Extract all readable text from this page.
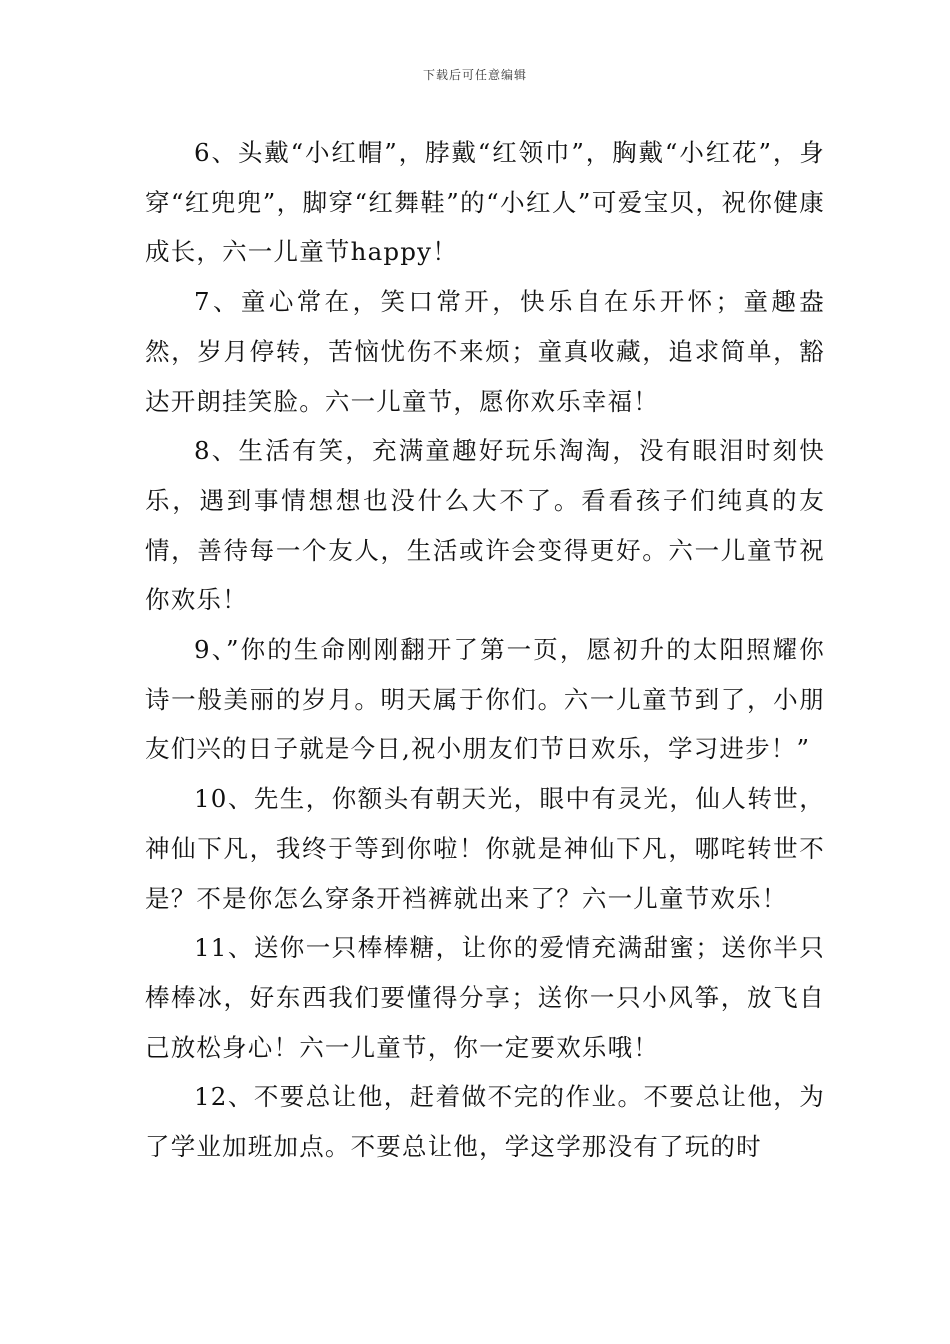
下载后可任意编辑

6、头戴“小红帽”，脖戴“红领巾”，胸戴“小红花”，身穿“红兜兜”，脚穿“红舞鞋”的“小红人”可爱宝贝，祝你健康成长，六一儿童节happy！

7、童心常在，笑口常开，快乐自在乐开怀；童趣盎然，岁月停转，苦恼忧伤不来烦；童真收藏，追求简单，豁达开朗挂笑脸。六一儿童节，愿你欢乐幸福！

8、生活有笑，充满童趣好玩乐淘淘，没有眼泪时刻快乐，遇到事情想想也没什么大不了。看看孩子们纯真的友情，善待每一个友人，生活或许会变得更好。六一儿童节祝你欢乐！

9、”你的生命刚刚翻开了第一页，愿初升的太阳照耀你诗一般美丽的岁月。明天属于你们。六一儿童节到了，小朋友们兴的日子就是今日,祝小朋友们节日欢乐，学习进步！”

10、先生，你额头有朝天光，眼中有灵光，仙人转世，神仙下凡，我终于等到你啦！你就是神仙下凡，哪咤转世不是？不是你怎么穿条开裆裤就出来了？六一儿童节欢乐！

11、送你一只棒棒糖，让你的爱情充满甜蜜；送你半只棒棒冰，好东西我们要懂得分享；送你一只小风筝，放飞自己放松身心！六一儿童节，你一定要欢乐哦！

12、不要总让他，赶着做不完的作业。不要总让他，为了学业加班加点。不要总让他，学这学那没有了玩的时
